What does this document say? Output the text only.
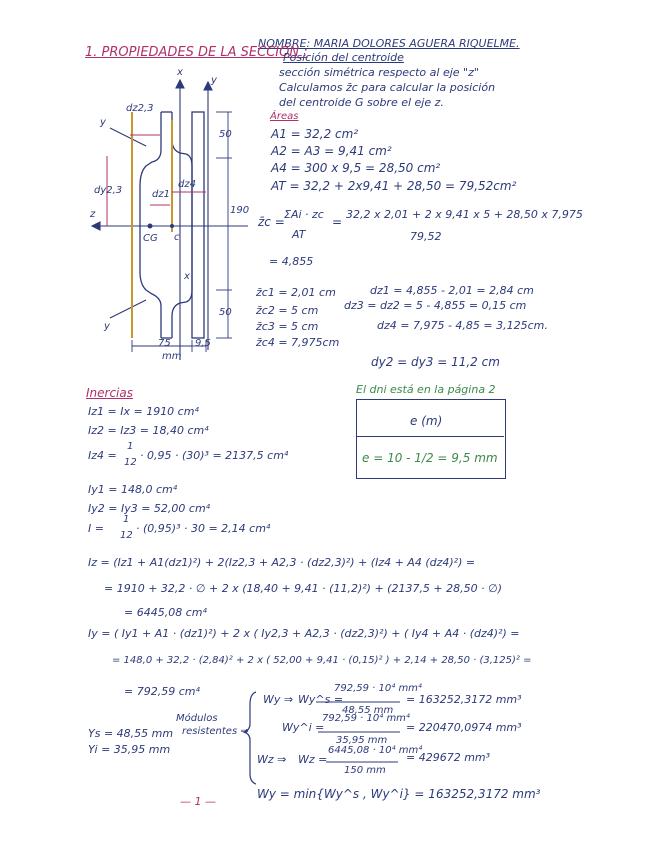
NOMBRE: MARIA DOLORES AGUERA RIQUELME.
1. PROPIEDADES DE LA SECCIÓN :
Posición del centroide
sección simétrica respecto al eje "z"
Calculamos z̄c para calcular la posición
del centroide G sobre el eje z.
Áreas
A1 = 32,2 cm²
A2 = A3 = 9,41 cm²
A4 = 300 x 9,5 = 28,50 cm²
AT = 32,2 + 2x9,41 + 28,50 = 79,52cm²
z̄c =
ΣAi · zc
AT
=
32,2 x 2,01 + 2 x 9,41 x 5 + 28,50 x 7,975
79,52
= 4,855
z̄c1 = 2,01 cm
z̄c2 = 5 cm
z̄c3 = 5 cm
z̄c4 = 7,975cm
dz1 = 4,855 - 2,01 = 2,84 cm
dz3 = dz2 = 5 - 4,855 = 0,15 cm
dz4 = 7,975 - 4,85 = 3,125cm.
dy2 = dy3 = 11,2 cm
x
y
y
z
x
y
dz2,3
dy2,3	dz1
dz4
50
50
190
75 9,5
mm
CG c
El dni está en la página 2
e (m)
e = 10 - 1/2 = 9,5 mm
Inercias
Iz1 = Ix = 1910 cm⁴
Iz2 = Iz3 = 18,40 cm⁴
Iz4 =
1
12
· 0,95 · (30)³ = 2137,5 cm⁴
Iy1 = 148,0 cm⁴
Iy2 = Iy3 = 52,00 cm⁴
I =
1
12
· (0,95)³ · 30 = 2,14 cm⁴
Iz = (Iz1 + A1(dz1)²) + 2(Iz2,3 + A2,3 · (dz2,3)²) + (Iz4 + A4 (dz4)²) =
= 1910 + 32,2 · ∅ + 2 x (18,40 + 9,41 · (11,2)²) + (2137,5 + 28,50 · ∅)
= 6445,08 cm⁴
Iy = ( Iy1 + A1 · (dz1)²) + 2 x ( Iy2,3 + A2,3 · (dz2,3)²) + ( Iy4 + A4 · (dz4)²) =
= 148,0 + 32,2 · (2,84)² + 2 x ( 52,00 + 9,41 · (0,15)² ) + 2,14 + 28,50 · (3,125)² =
= 792,59 cm⁴
Módulos
resistentes ⇒
Ys = 48,55 mm
Yi = 35,95 mm
Wy ⇒ Wy^s =
792,59 · 10⁴ mm⁴
48,55 mm
= 163252,3172 mm³
Wy^i =
792,59 · 10⁴ mm⁴
35,95 mm
= 220470,0974 mm³
Wz ⇒ Wz =
6445,08 · 10⁴ mm⁴
150 mm
= 429672 mm³
Wy = min{Wy^s , Wy^i} = 163252,3172 mm³
— 1 —
